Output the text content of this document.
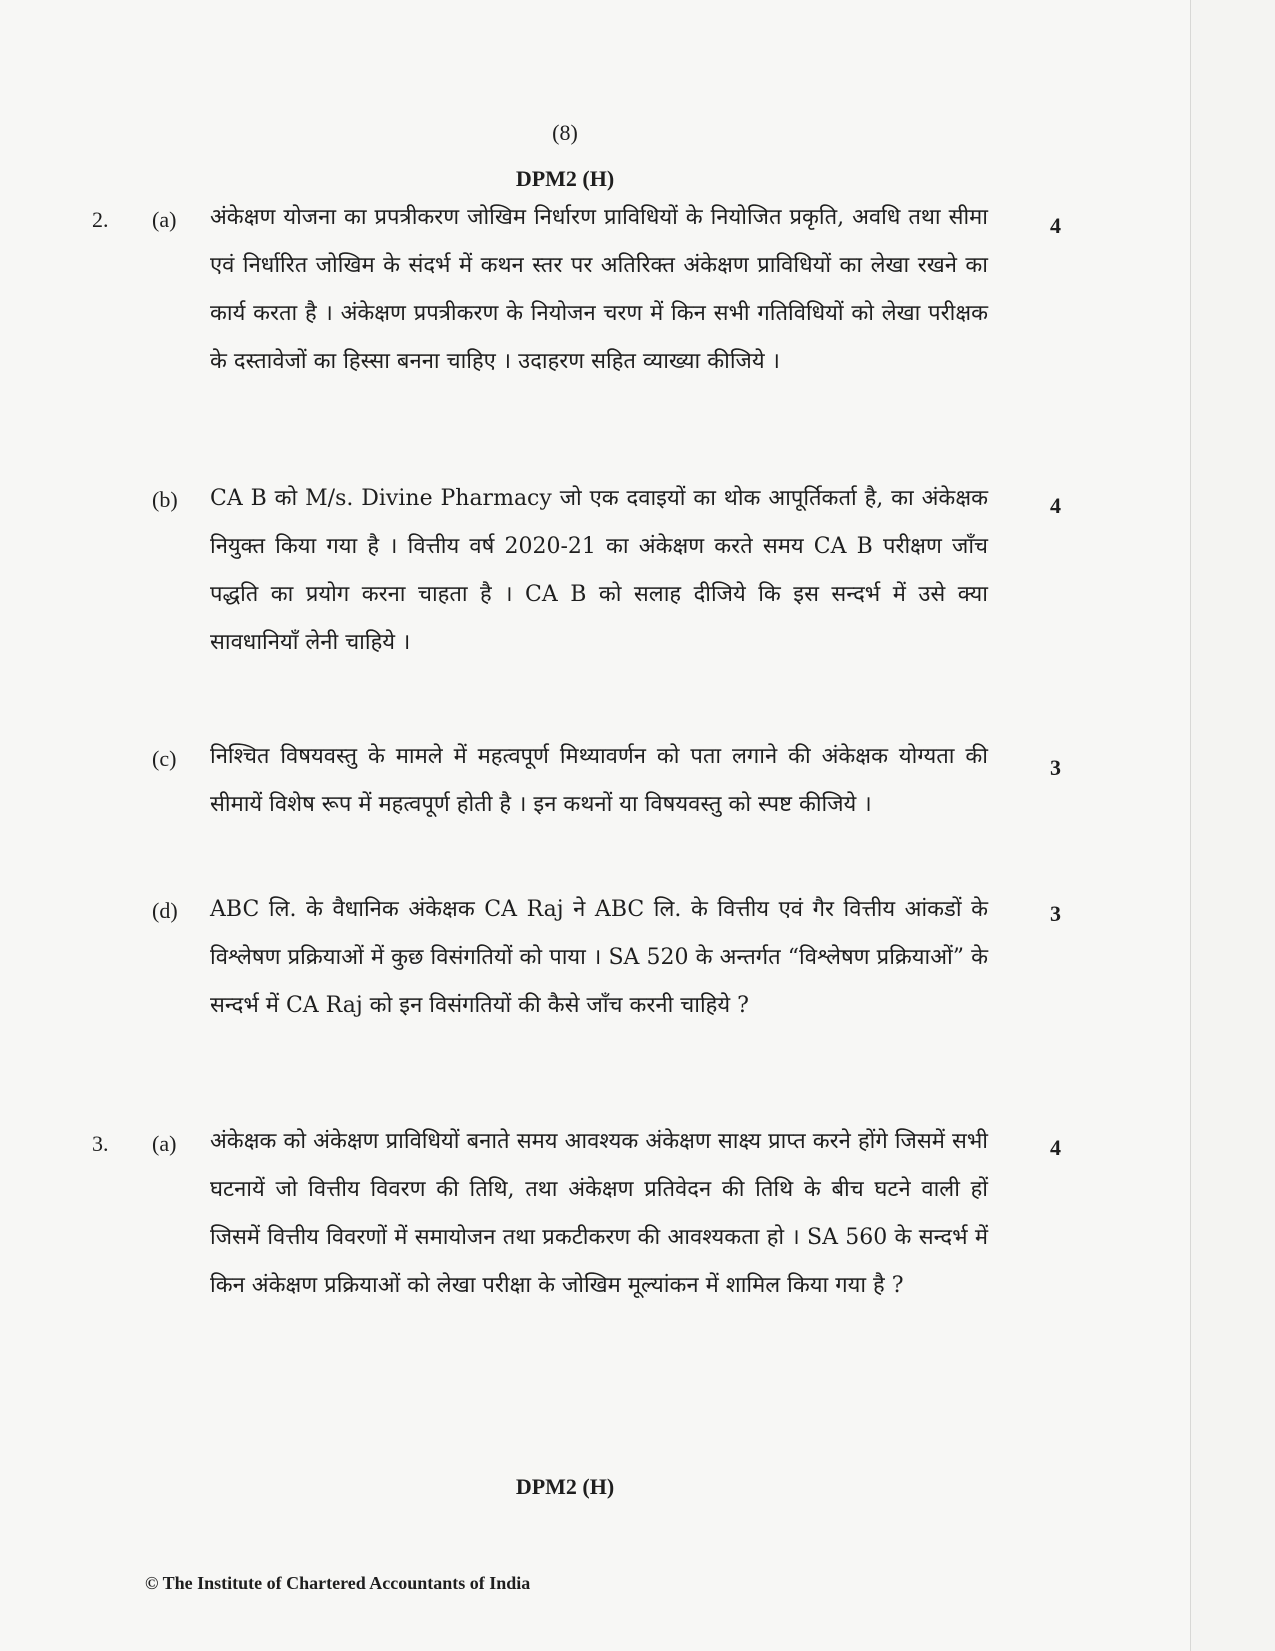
(8)
DPM2 (H)
2. (a) अंकेक्षण योजना का प्रपत्रीकरण जोखिम निर्धारण प्राविधियों के नियोजित प्रकृति, अवधि तथा सीमा एवं निर्धारित जोखिम के संदर्भ में कथन स्तर पर अतिरिक्त अंकेक्षण प्राविधियों का लेखा रखने का कार्य करता है । अंकेक्षण प्रपत्रीकरण के नियोजन चरण में किन सभी गतिविधियों को लेखा परीक्षक के दस्तावेजों का हिस्सा बनना चाहिए । उदाहरण सहित व्याख्या कीजिये ।
4
(b) CA B को M/s. Divine Pharmacy जो एक दवाइयों का थोक आपूर्तिकर्ता है, का अंकेक्षक नियुक्त किया गया है । वित्तीय वर्ष 2020-21 का अंकेक्षण करते समय CA B परीक्षण जाँच पद्धति का प्रयोग करना चाहता है । CA B को सलाह दीजिये कि इस सन्दर्भ में उसे क्या सावधानियाँ लेनी चाहिये ।
4
(c) निश्चित विषयवस्तु के मामले में महत्वपूर्ण मिथ्यावर्णन को पता लगाने की अंकेक्षक योग्यता की सीमायें विशेष रूप में महत्वपूर्ण होती है । इन कथनों या विषयवस्तु को स्पष्ट कीजिये ।
3
(d) ABC लि. के वैधानिक अंकेक्षक CA Raj ने ABC लि. के वित्तीय एवं गैर वित्तीय आंकडों के विश्लेषण प्रक्रियाओं में कुछ विसंगतियों को पाया । SA 520 के अन्तर्गत “विश्लेषण प्रक्रियाओं” के सन्दर्भ में CA Raj को इन विसंगतियों की कैसे जाँच करनी चाहिये ?
3
3. (a) अंकेक्षक को अंकेक्षण प्राविधियों बनाते समय आवश्यक अंकेक्षण साक्ष्य प्राप्त करने होंगे जिसमें सभी घटनायें जो वित्तीय विवरण की तिथि, तथा अंकेक्षण प्रतिवेदन की तिथि के बीच घटने वाली हों जिसमें वित्तीय विवरणों में समायोजन तथा प्रकटीकरण की आवश्यकता हो । SA 560 के सन्दर्भ में किन अंकेक्षण प्रक्रियाओं को लेखा परीक्षा के जोखिम मूल्यांकन में शामिल किया गया है ?
4
DPM2 (H)
© The Institute of Chartered Accountants of India
